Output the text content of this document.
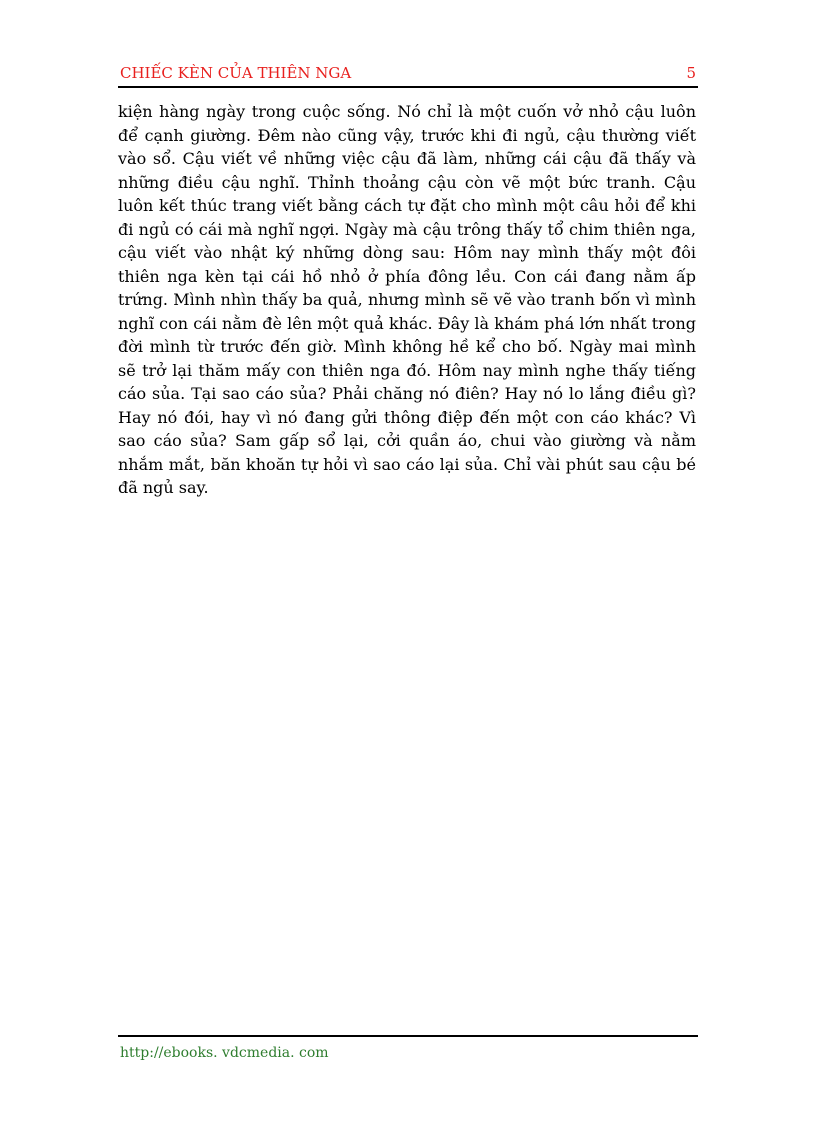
CHIẾC KÈN CỦA THIÊN NGA	5

kiện hàng ngày trong cuộc sống. Nó chỉ là một cuốn vở nhỏ cậu luôn để cạnh giường. Đêm nào cũng vậy, trước khi đi ngủ, cậu thường viết vào sổ. Cậu viết về những việc cậu đã làm, những cái cậu đã thấy và những điều cậu nghĩ. Thỉnh thoảng cậu còn vẽ một bức tranh. Cậu luôn kết thúc trang viết bằng cách tự đặt cho mình một câu hỏi để khi đi ngủ có cái mà nghĩ ngợi. Ngày mà cậu trông thấy tổ chim thiên nga, cậu viết vào nhật ký những dòng sau: Hôm nay mình thấy một đôi thiên nga kèn tại cái hồ nhỏ ở phía đông lều. Con cái đang nằm ấp trứng. Mình nhìn thấy ba quả, nhưng mình sẽ vẽ vào tranh bốn vì mình nghĩ con cái nằm đè lên một quả khác. Đây là khám phá lớn nhất trong đời mình từ trước đến giờ. Mình không hề kể cho bố. Ngày mai mình sẽ trở lại thăm mấy con thiên nga đó. Hôm nay mình nghe thấy tiếng cáo sủa. Tại sao cáo sủa? Phải chăng nó điên? Hay nó lo lắng điều gì? Hay nó đói, hay vì nó đang gửi thông điệp đến một con cáo khác? Vì sao cáo sủa? Sam gấp sổ lại, cởi quần áo, chui vào giường và nằm nhắm mắt, băn khoăn tự hỏi vì sao cáo lại sủa. Chỉ vài phút sau cậu bé đã ngủ say.

http://ebooks. vdcmedia. com
